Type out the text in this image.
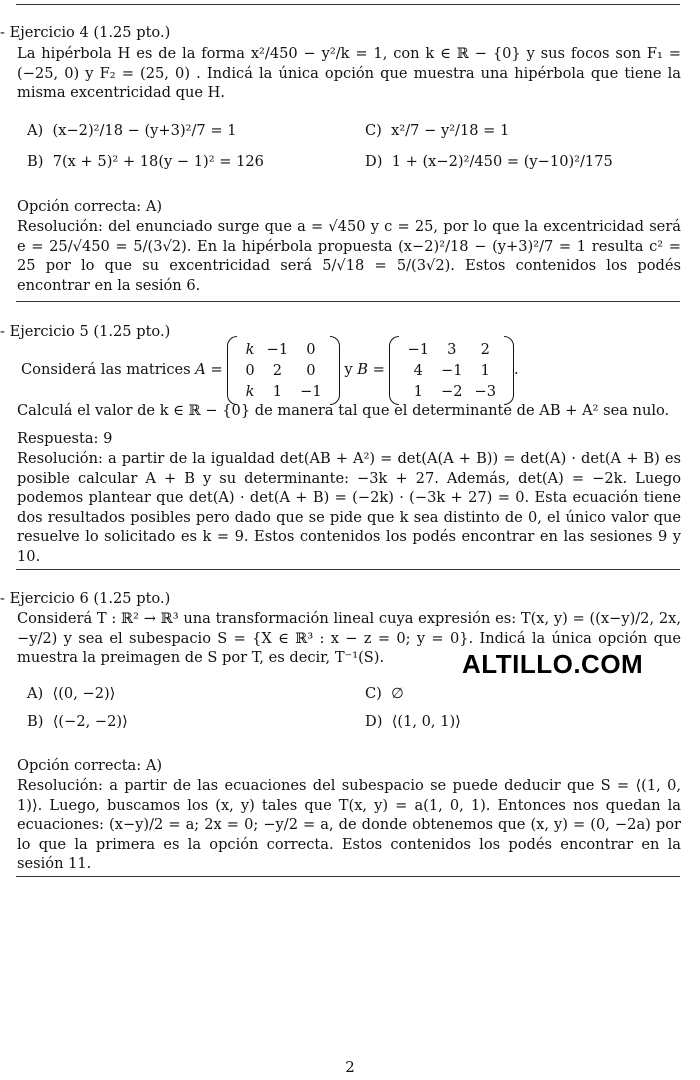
- Ejercicio 4 (1.25 pto.)
La hipérbola H es de la forma x²/450 − y²/k = 1, con k ∈ ℝ − {0} y sus focos son F₁ = (−25, 0) y F₂ = (25, 0) . Indicá la única opción que muestra una hipérbola que tiene la misma excentricidad que H.
A) (x−2)²/18 − (y+3)²/7 = 1	C) x²/7 − y²/18 = 1
B) 7(x + 5)² + 18(y − 1)² = 126	D) 1 + (x−2)²/450 = (y−10)²/175
Opción correcta: A)
Resolución: del enunciado surge que a = √450 y c = 25, por lo que la excentricidad será e = 25/√450 = 5/(3√2). En la hipérbola propuesta (x−2)²/18 − (y+3)²/7 = 1 resulta c² = 25 por lo que su excentricidad será 5/√18 = 5/(3√2). Estos contenidos los podés encontrar en la sesión 6.
- Ejercicio 5 (1.25 pto.)
Considerá las matrices A =
k	−1	0
0	2	0
k	1	−1
y B =
−1	3	2
4	−1	1
1	−2	−3
.
Calculá el valor de k ∈ ℝ − {0} de manera tal que el determinante de AB + A² sea nulo.
Respuesta: 9
Resolución: a partir de la igualdad det(AB + A²) = det(A(A + B)) = det(A) · det(A + B) es posible calcular A + B y su determinante: −3k + 27. Además, det(A) = −2k. Luego podemos plantear que det(A) · det(A + B) = (−2k) · (−3k + 27) = 0. Esta ecuación tiene dos resultados posibles pero dado que se pide que k sea distinto de 0, el único valor que resuelve lo solicitado es k = 9. Estos contenidos los podés encontrar en las sesiones 9 y 10.
- Ejercicio 6 (1.25 pto.)
Considerá T : ℝ² → ℝ³ una transformación lineal cuya expresión es: T(x, y) = ((x−y)/2, 2x, −y/2) y sea el subespacio S = {X ∈ ℝ³ : x − z = 0; y = 0}. Indicá la única opción que muestra la preimagen de S por T, es decir, T⁻¹(S).
A) ⟨(0, −2)⟩	C) ∅
B) ⟨(−2, −2)⟩	D) ⟨(1, 0, 1)⟩
Opción correcta: A)
Resolución: a partir de las ecuaciones del subespacio se puede deducir que S = ⟨(1, 0, 1)⟩. Luego, buscamos los (x, y) tales que T(x, y) = a(1, 0, 1). Entonces nos quedan la ecuaciones: (x−y)/2 = a; 2x = 0; −y/2 = a, de donde obtenemos que (x, y) = (0, −2a) por lo que la primera es la opción correcta. Estos contenidos los podés encontrar en la sesión 11.
ALTILLO.COM
2
